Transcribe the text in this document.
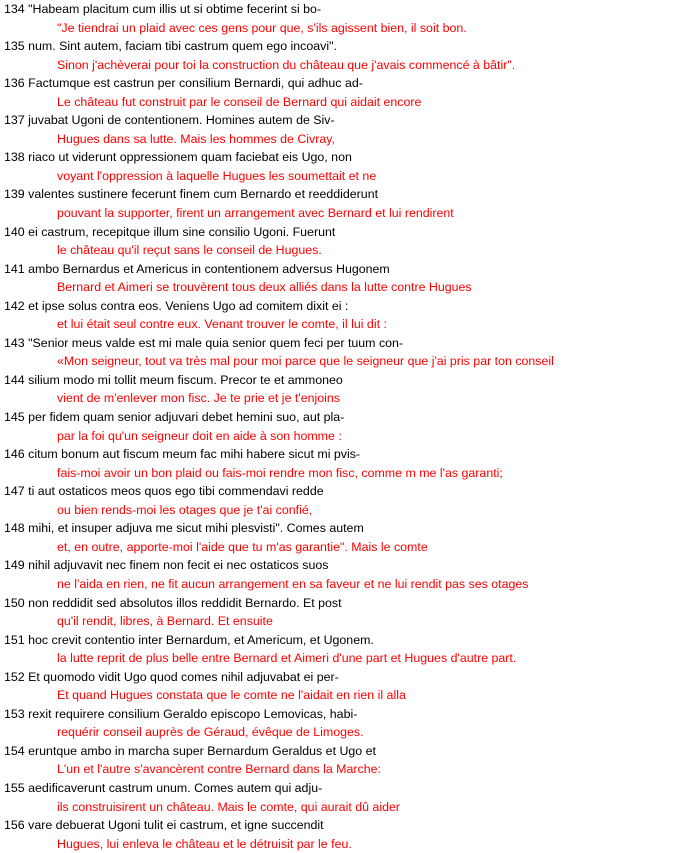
134 "Habeam placitum cum illis ut si obtime fecerint si bo-
"Je tiendrai un plaid avec ces gens pour que, s'ils agissent bien, il soit bon.
135 num. Sint autem, faciam tibi castrum quem ego incoavi".
Sinon j'achèverai pour toi la construction du château que j'avais commencé à bâtir".
136 Factumque est castrun per consilium Bernardi, qui adhuc ad-
Le château fut construit par le conseil de Bernard qui aidait encore
137 juvabat Ugoni de contentionem. Homines autem de Siv-
Hugues dans sa lutte. Mais les hommes de Civray,
138 riaco ut viderunt oppressionem quam faciebat eis Ugo, non
voyant l'oppression à laquelle Hugues les soumettait et ne
139 valentes sustinere fecerunt finem cum Bernardo et reeddiderunt
pouvant la supporter, firent un arrangement avec Bernard et lui rendirent
140 ei castrum, recepitque illum sine consilio Ugoni. Fuerunt
le château qu'il reçut sans le conseil de Hugues.
141 ambo Bernardus et Americus in contentionem adversus Hugonem
Bernard et Aimeri se trouvèrent tous deux alliés dans la lutte contre Hugues
142 et ipse solus contra eos. Veniens Ugo ad comitem dixit ei :
et lui était seul contre eux. Venant trouver le comte, il lui dit :
143 "Senior meus valde est mi male quia senior quem feci per tuum con-
«Mon seigneur, tout va très mal pour moi parce que le seigneur que j'ai pris par ton conseil
144 silium modo mi tollit meum fiscum. Precor te et ammoneo
vient de m'enlever mon fisc. Je te prie et je t'enjoins
145 per fidem quam senior adjuvari debet hemini suo, aut pla-
par la foi qu'un seigneur doit en aide à son homme :
146 citum bonum aut fiscum meum fac mihi habere sicut mi pvis-
fais-moi avoir un bon plaid ou fais-moi rendre mon fisc, comme m me l'as garanti;
147 ti aut ostaticos meos quos ego tibi commendavi redde
ou bien rends-moi les otages que je t'ai confié,
148 mihi, et insuper adjuva me sicut mihi plesvisti". Comes autem
et, en outre, apporte-moi l'aide que tu m'as garantie". Mais le comte
149 nihil adjuvavit nec finem non fecit ei nec ostaticos suos
ne l'aida en rien, ne fit aucun arrangement en sa faveur et ne lui rendit pas ses otages
150 non reddidit sed absolutos illos reddidit Bernardo. Et post
qu'il rendit, libres, à Bernard. Et ensuite
151 hoc crevit contentio inter Bernardum, et Americum, et Ugonem.
la lutte reprit de plus belle entre Bernard et Aimeri d'une part et Hugues d'autre part.
152 Et quomodo vidit Ugo quod comes nihil adjuvabat ei per-
Et quand Hugues constata que le comte ne l'aidait en rien il alla
153 rexit requirere consilium Geraldo episcopo Lemovicas, habi-
requérir conseil auprès de Géraud, évêque de Limoges.
154 eruntque ambo in marcha super Bernardum Geraldus et Ugo et
L'un et l'autre s'avancèrent contre Bernard dans la Marche:
155 aedificaverunt castrum unum. Comes autem qui adju-
ils construisirent un château. Mais le comte, qui aurait dû aider
156 vare debuerat Ugoni tulit ei castrum, et igne succendit
Hugues, lui enleva le château et le détruisit par le feu.
